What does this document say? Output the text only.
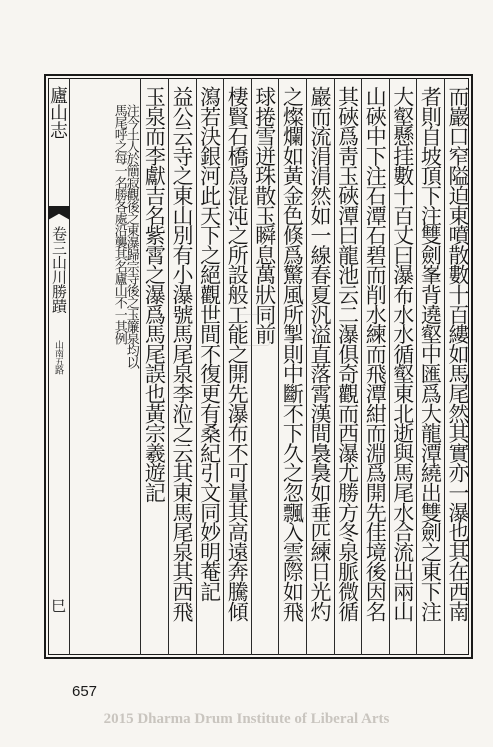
廬山志
卷三山川勝蹟
山南五路
巳	而巖口窄隘迫東噴散數十百縷如馬尾然其實亦一瀑也其在西南
者則自坡頂下注雙劍峯背遶壑中匯爲大龍潭繞出雙劍之東下注
大壑懸挂數十百丈曰瀑布水水循壑東北逝與馬尾水合流出兩山
山硤中下注石潭石碧而削水練而飛潭紺而淵爲開先佳境後因名
其硤爲靑玉硤潭曰龍池云二瀑俱奇觀而西瀑尤勝方冬泉脈微循
巖而流涓涓然如一線春夏汎溢直落霄漢間裊裊如垂匹練日光灼
之燦爛如黃金色倏爲驚風所掣則中斷不下久之忽飄入雲際如飛
球捲雪迸珠散玉瞬息萬狀同前
棲賢石橋爲混沌之所設般工能之開先瀑布不可量其高遠奔騰傾
瀉若決銀河此天下之絕觀世間不復更有桑紀引文同妙明菴記
益公云寺之東山別有小瀑號馬尾泉李涖之云其東馬尾泉其西飛
玉泉而李獻吉名紫霄之瀑爲馬尾誤也黃宗羲遊記
注今土人於簡寂觀後之東瀑歸宗寺後之玉簾泉均以
馬尾呼之每一名勝各處沿襲其名廬山不一其例
657
2015 Dharma Drum Institute of Liberal Arts
